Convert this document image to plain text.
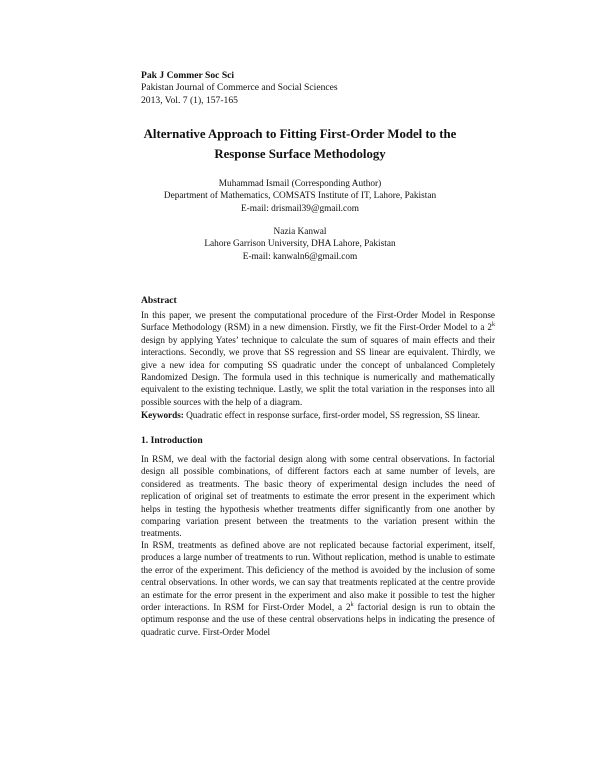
Pak J Commer Soc Sci
Pakistan Journal of Commerce and Social Sciences
2013, Vol. 7 (1), 157-165
Alternative Approach to Fitting First-Order Model to the
Response Surface Methodology
Muhammad Ismail (Corresponding Author)
Department of Mathematics, COMSATS Institute of IT, Lahore, Pakistan
E-mail: drismail39@gmail.com
Nazia Kanwal
Lahore Garrison University, DHA Lahore, Pakistan
E-mail: kanwaln6@gmail.com
Abstract
In this paper, we present the computational procedure of the First-Order Model in Response Surface Methodology (RSM) in a new dimension. Firstly, we fit the First-Order Model to a 2$^k$ design by applying Yates’ technique to calculate the sum of squares of main effects and their interactions. Secondly, we prove that SS regression and SS linear are equivalent. Thirdly, we give a new idea for computing SS quadratic under the concept of unbalanced Completely Randomized Design. The formula used in this technique is numerically and mathematically equivalent to the existing technique. Lastly, we split the total variation in the responses into all possible sources with the help of a diagram.
Keywords: Quadratic effect in response surface, first-order model, SS regression, SS linear.
1. Introduction
In RSM, we deal with the factorial design along with some central observations. In factorial design all possible combinations, of different factors each at same number of levels, are considered as treatments. The basic theory of experimental design includes the need of replication of original set of treatments to estimate the error present in the experiment which helps in testing the hypothesis whether treatments differ significantly from one another by comparing variation present between the treatments to the variation present within the treatments.
In RSM, treatments as defined above are not replicated because factorial experiment, itself, produces a large number of treatments to run. Without replication, method is unable to estimate the error of the experiment. This deficiency of the method is avoided by the inclusion of some central observations. In other words, we can say that treatments replicated at the centre provide an estimate for the error present in the experiment and also make it possible to test the higher order interactions. In RSM for First-Order Model, a 2$^k$ factorial design is run to obtain the optimum response and the use of these central observations helps in indicating the presence of quadratic curve. First-Order Model
